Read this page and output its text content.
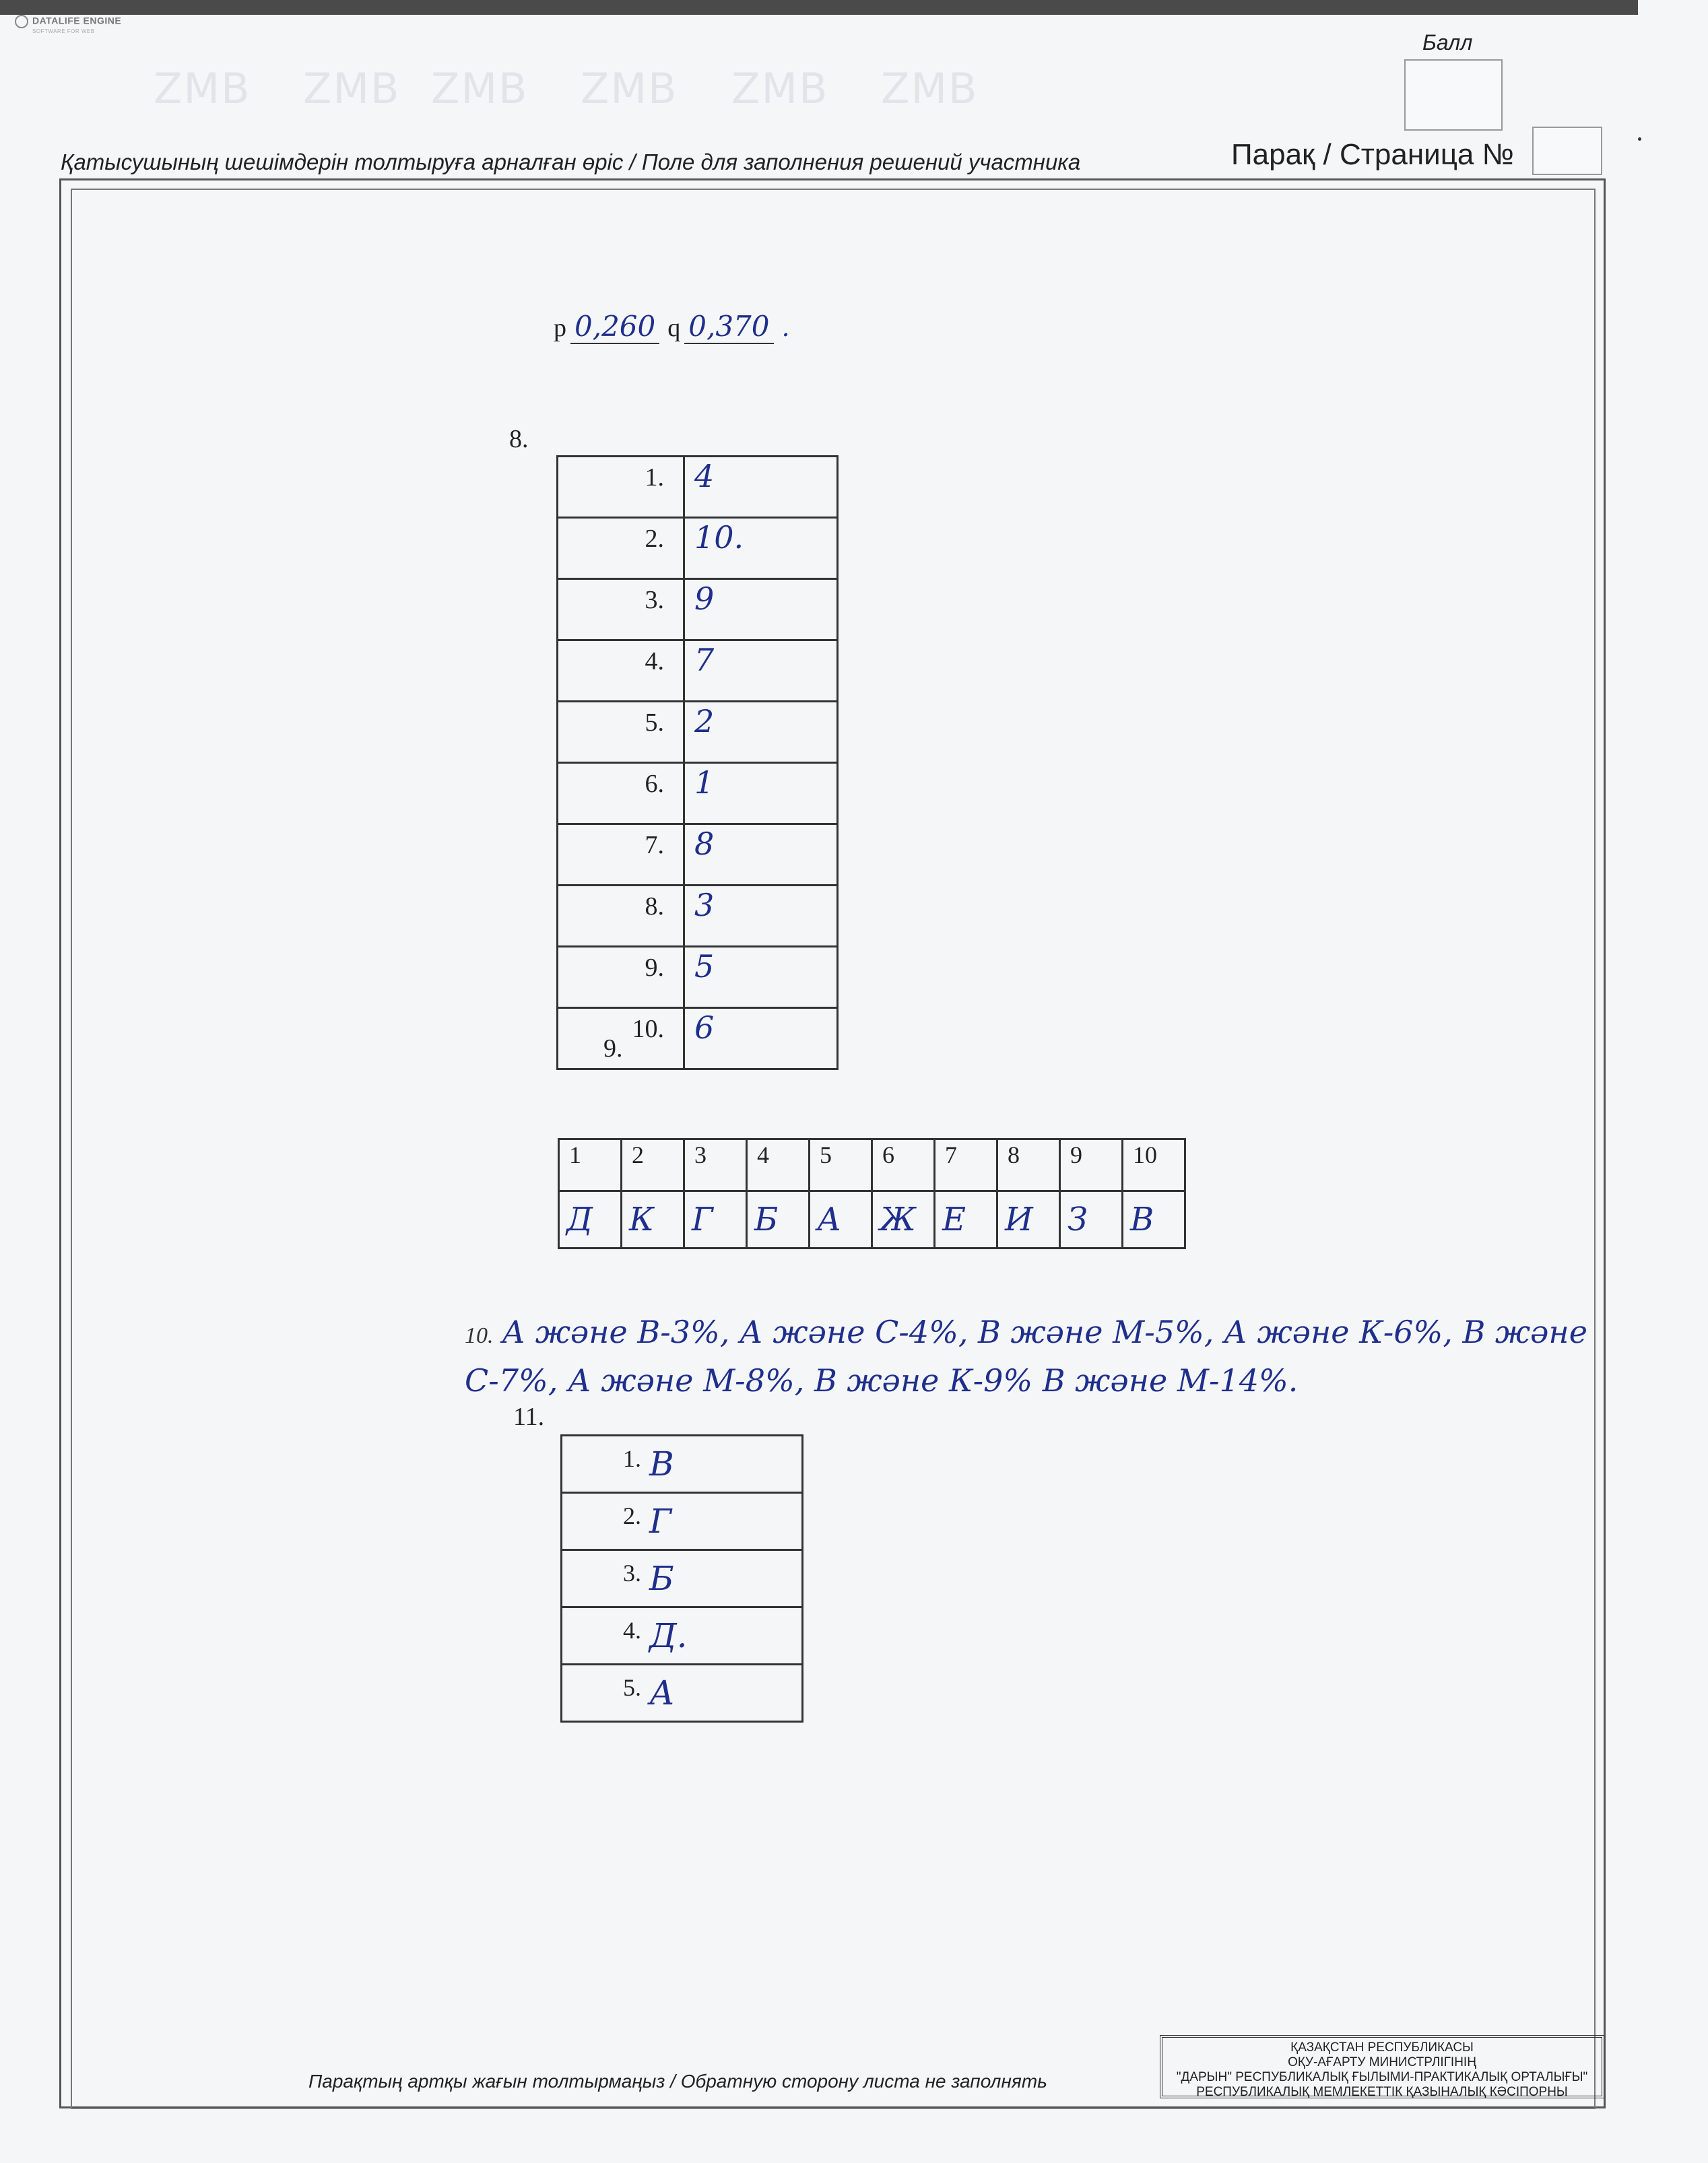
DATALIFE ENGINE
SOFTWARE FOR WEB
ZMB ZMB ZMB ZMB ZMB ZMB
Балл
Қатысушының шешімдерін толтыруға арналған өріс / Поле для заполнения решений участника	Парақ / Страница №
p 0,260 q 0,370 .
8.
1.	4
2.	10.
3.	9
4.	7
5.	2
6.	1
7.	8
8.	3
9.	5
10.	6
9.
1	2	3	4	5	6	7	8	9	10
Д	К	Г	Б	А	Ж	Е	И	З	В
10. А және В-3%, А және С-4%, В және М-5%, А және К-6%, В және С-7%, А және М-8%, В және К-9% В және М-14%.
11.
1. В
2. Г
3. Б
4. Д.
5. А
Парақтың артқы жағын толтырмаңыз / Обратную сторону листа не заполнять
ҚАЗАҚСТАН РЕСПУБЛИКАСЫ
ОҚУ-АҒАРТУ МИНИСТРЛІГІНІҢ
"ДАРЫН" РЕСПУБЛИКАЛЫҚ ҒЫЛЫМИ-ПРАКТИКАЛЫҚ ОРТАЛЫҒЫ"
РЕСПУБЛИКАЛЫҚ МЕМЛЕКЕТТІК ҚАЗЫНАЛЫҚ КӘСІПОРНЫ
